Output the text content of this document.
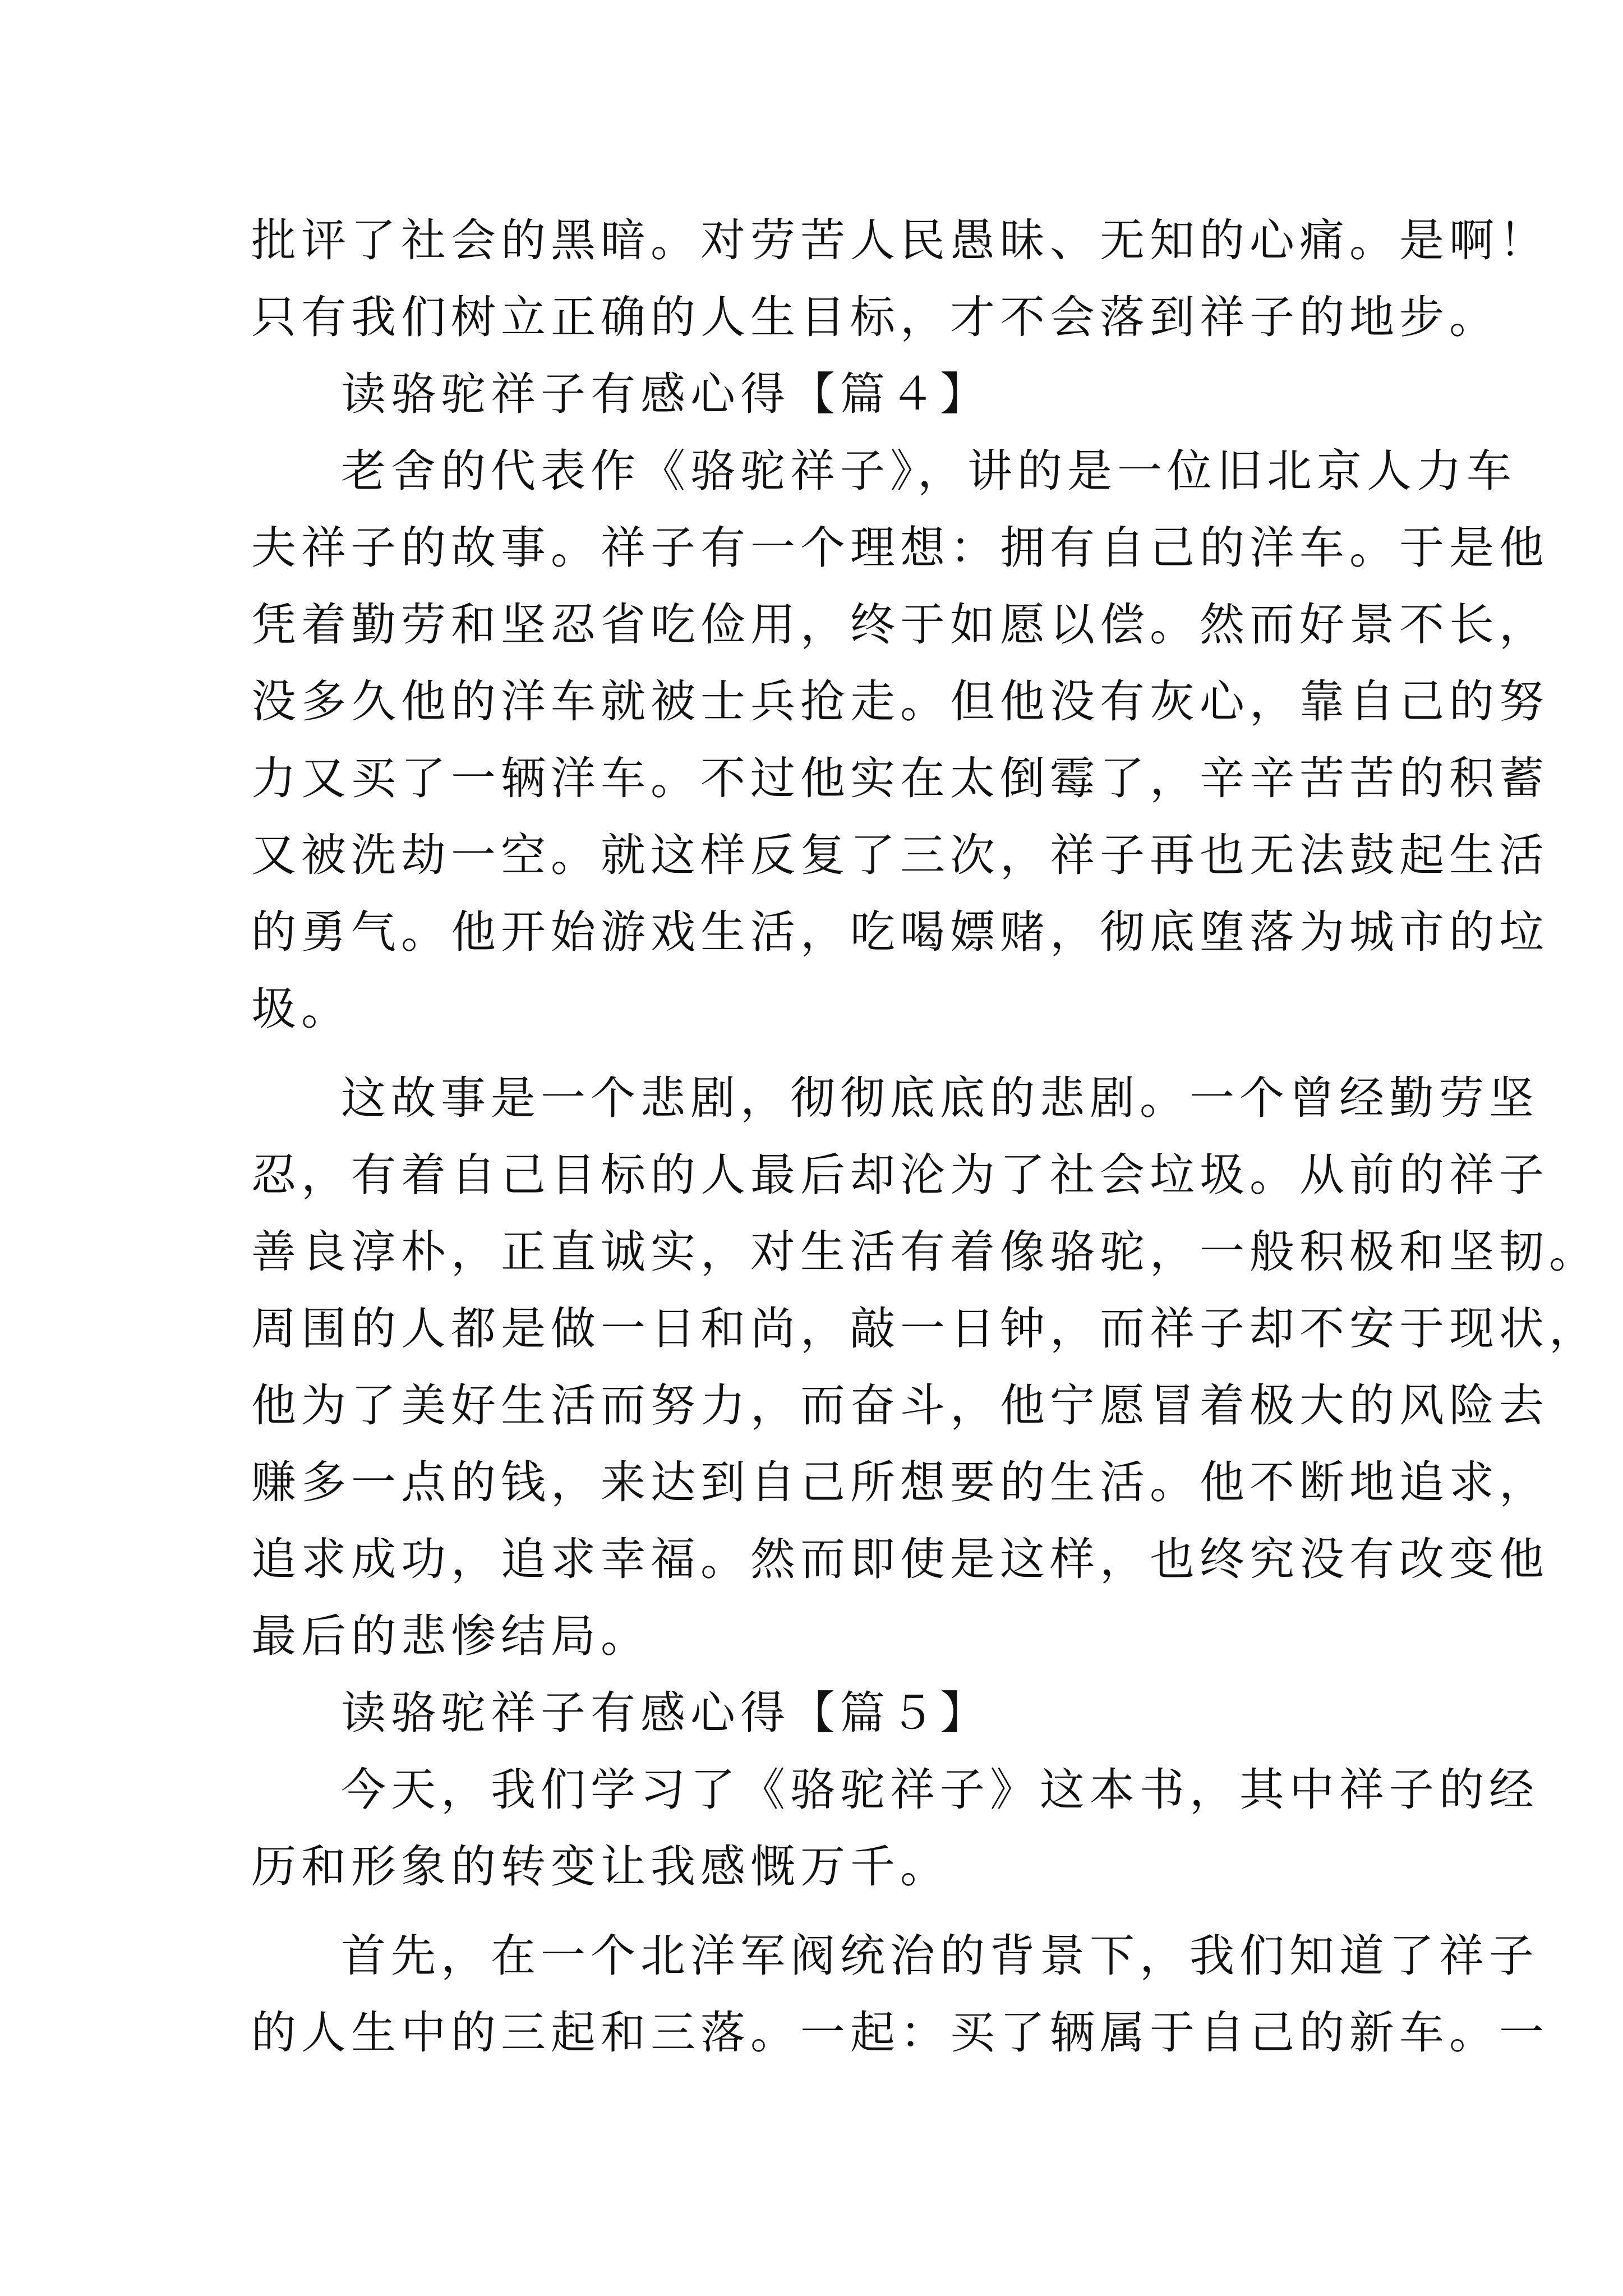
批评了社会的黑暗。对劳苦人民愚昧、无知的心痛。是啊！
只有我们树立正确的人生目标，才不会落到祥子的地步。
读骆驼祥子有感心得【篇４】
老舍的代表作《骆驼祥子》，讲的是一位旧北京人力车
夫祥子的故事。祥子有一个理想：拥有自己的洋车。于是他
凭着勤劳和坚忍省吃俭用，终于如愿以偿。然而好景不长，
没多久他的洋车就被士兵抢走。但他没有灰心，靠自己的努
力又买了一辆洋车。不过他实在太倒霉了，辛辛苦苦的积蓄
又被洗劫一空。就这样反复了三次，祥子再也无法鼓起生活
的勇气。他开始游戏生活，吃喝嫖赌，彻底堕落为城市的垃
圾。
这故事是一个悲剧，彻彻底底的悲剧。一个曾经勤劳坚
忍，有着自己目标的人最后却沦为了社会垃圾。从前的祥子
善良淳朴，正直诚实，对生活有着像骆驼，一般积极和坚韧。
周围的人都是做一日和尚，敲一日钟，而祥子却不安于现状，
他为了美好生活而努力，而奋斗，他宁愿冒着极大的风险去
赚多一点的钱，来达到自己所想要的生活。他不断地追求，
追求成功，追求幸福。然而即使是这样，也终究没有改变他
最后的悲惨结局。
读骆驼祥子有感心得【篇５】
今天，我们学习了《骆驼祥子》这本书，其中祥子的经
历和形象的转变让我感慨万千。
首先，在一个北洋军阀统治的背景下，我们知道了祥子
的人生中的三起和三落。一起：买了辆属于自己的新车。一
